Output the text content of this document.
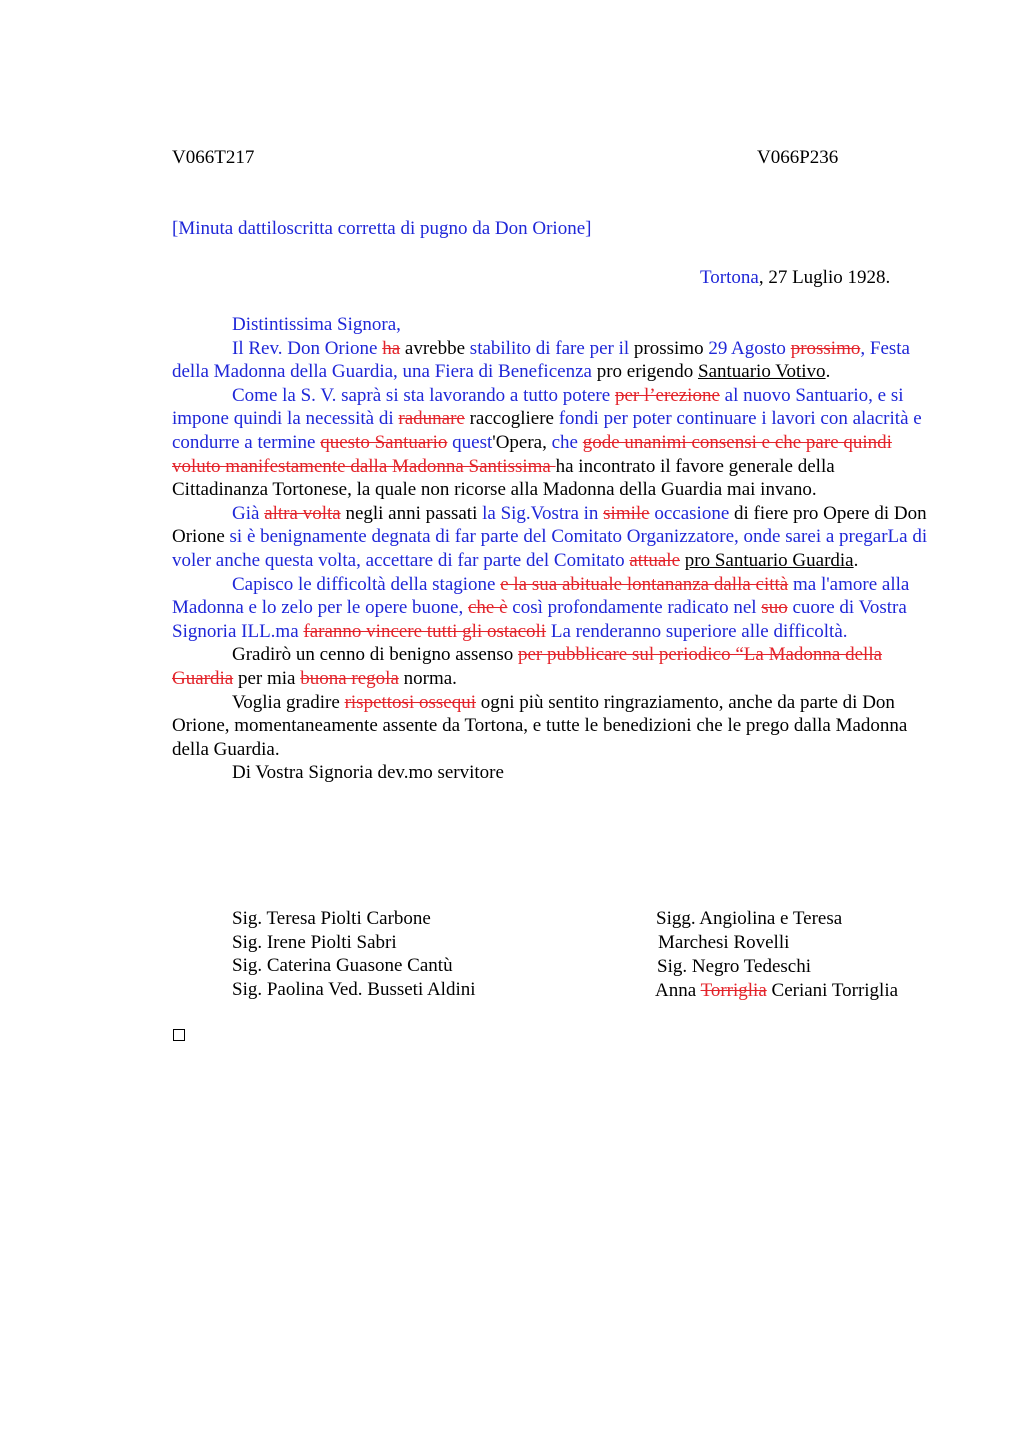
V066T217	V066P236
[Minuta dattiloscritta corretta di pugno da Don Orione]
Tortona, 27 Luglio 1928.

Distintissima Signora,

Il Rev. Don Orione ha avrebbe stabilito di fare per il prossimo 29 Agosto prossimo, Festa della Madonna della Guardia, una Fiera di Beneficenza pro erigendo Santuario Votivo.

Come la S. V. saprà si sta lavorando a tutto potere per l’erezione al nuovo Santuario, e si impone quindi la necessità di radunare raccogliere fondi per poter continuare i lavori con alacrità e condurre a termine questo Santuario quest'Opera, che gode unanimi consensi e che pare quindi voluto manifestamente dalla Madonna Santissima ha incontrato il favore generale della Cittadinanza Tortonese, la quale non ricorse alla Madonna della Guardia mai invano.

Già altra volta negli anni passati la Sig.Vostra in simile occasione di fiere pro Opere di Don Orione si è benignamente degnata di far parte del Comitato Organizzatore, onde sarei a pregarLa di voler anche questa volta, accettare di far parte del Comitato attuale pro Santuario Guardia.

Capisco le difficoltà della stagione e la sua abituale lontananza dalla città ma l'amore alla Madonna e lo zelo per le opere buone, che è così profondamente radicato nel suo cuore di Vostra Signoria ILL.ma faranno vincere tutti gli ostacoli La renderanno superiore alle difficoltà.

Gradirò un cenno di benigno assenso per pubblicare sul periodico “La Madonna della Guardia per mia buona regola norma.

Voglia gradire rispettosi ossequi ogni più sentito ringraziamento, anche da parte di Don Orione, momentaneamente assente da Tortona, e tutte le benedizioni che le prego dalla Madonna della Guardia.

Di Vostra Signoria dev.mo servitore

Sig. Teresa Piolti Carbone
Sig. Irene Piolti Sabri
Sig. Caterina Guasone Cantù
Sig. Paolina Ved. Busseti Aldini
Sigg. Angiolina e Teresa
Marchesi Rovelli
Sig. Negro Tedeschi
Anna Torriglia Ceriani Torriglia
